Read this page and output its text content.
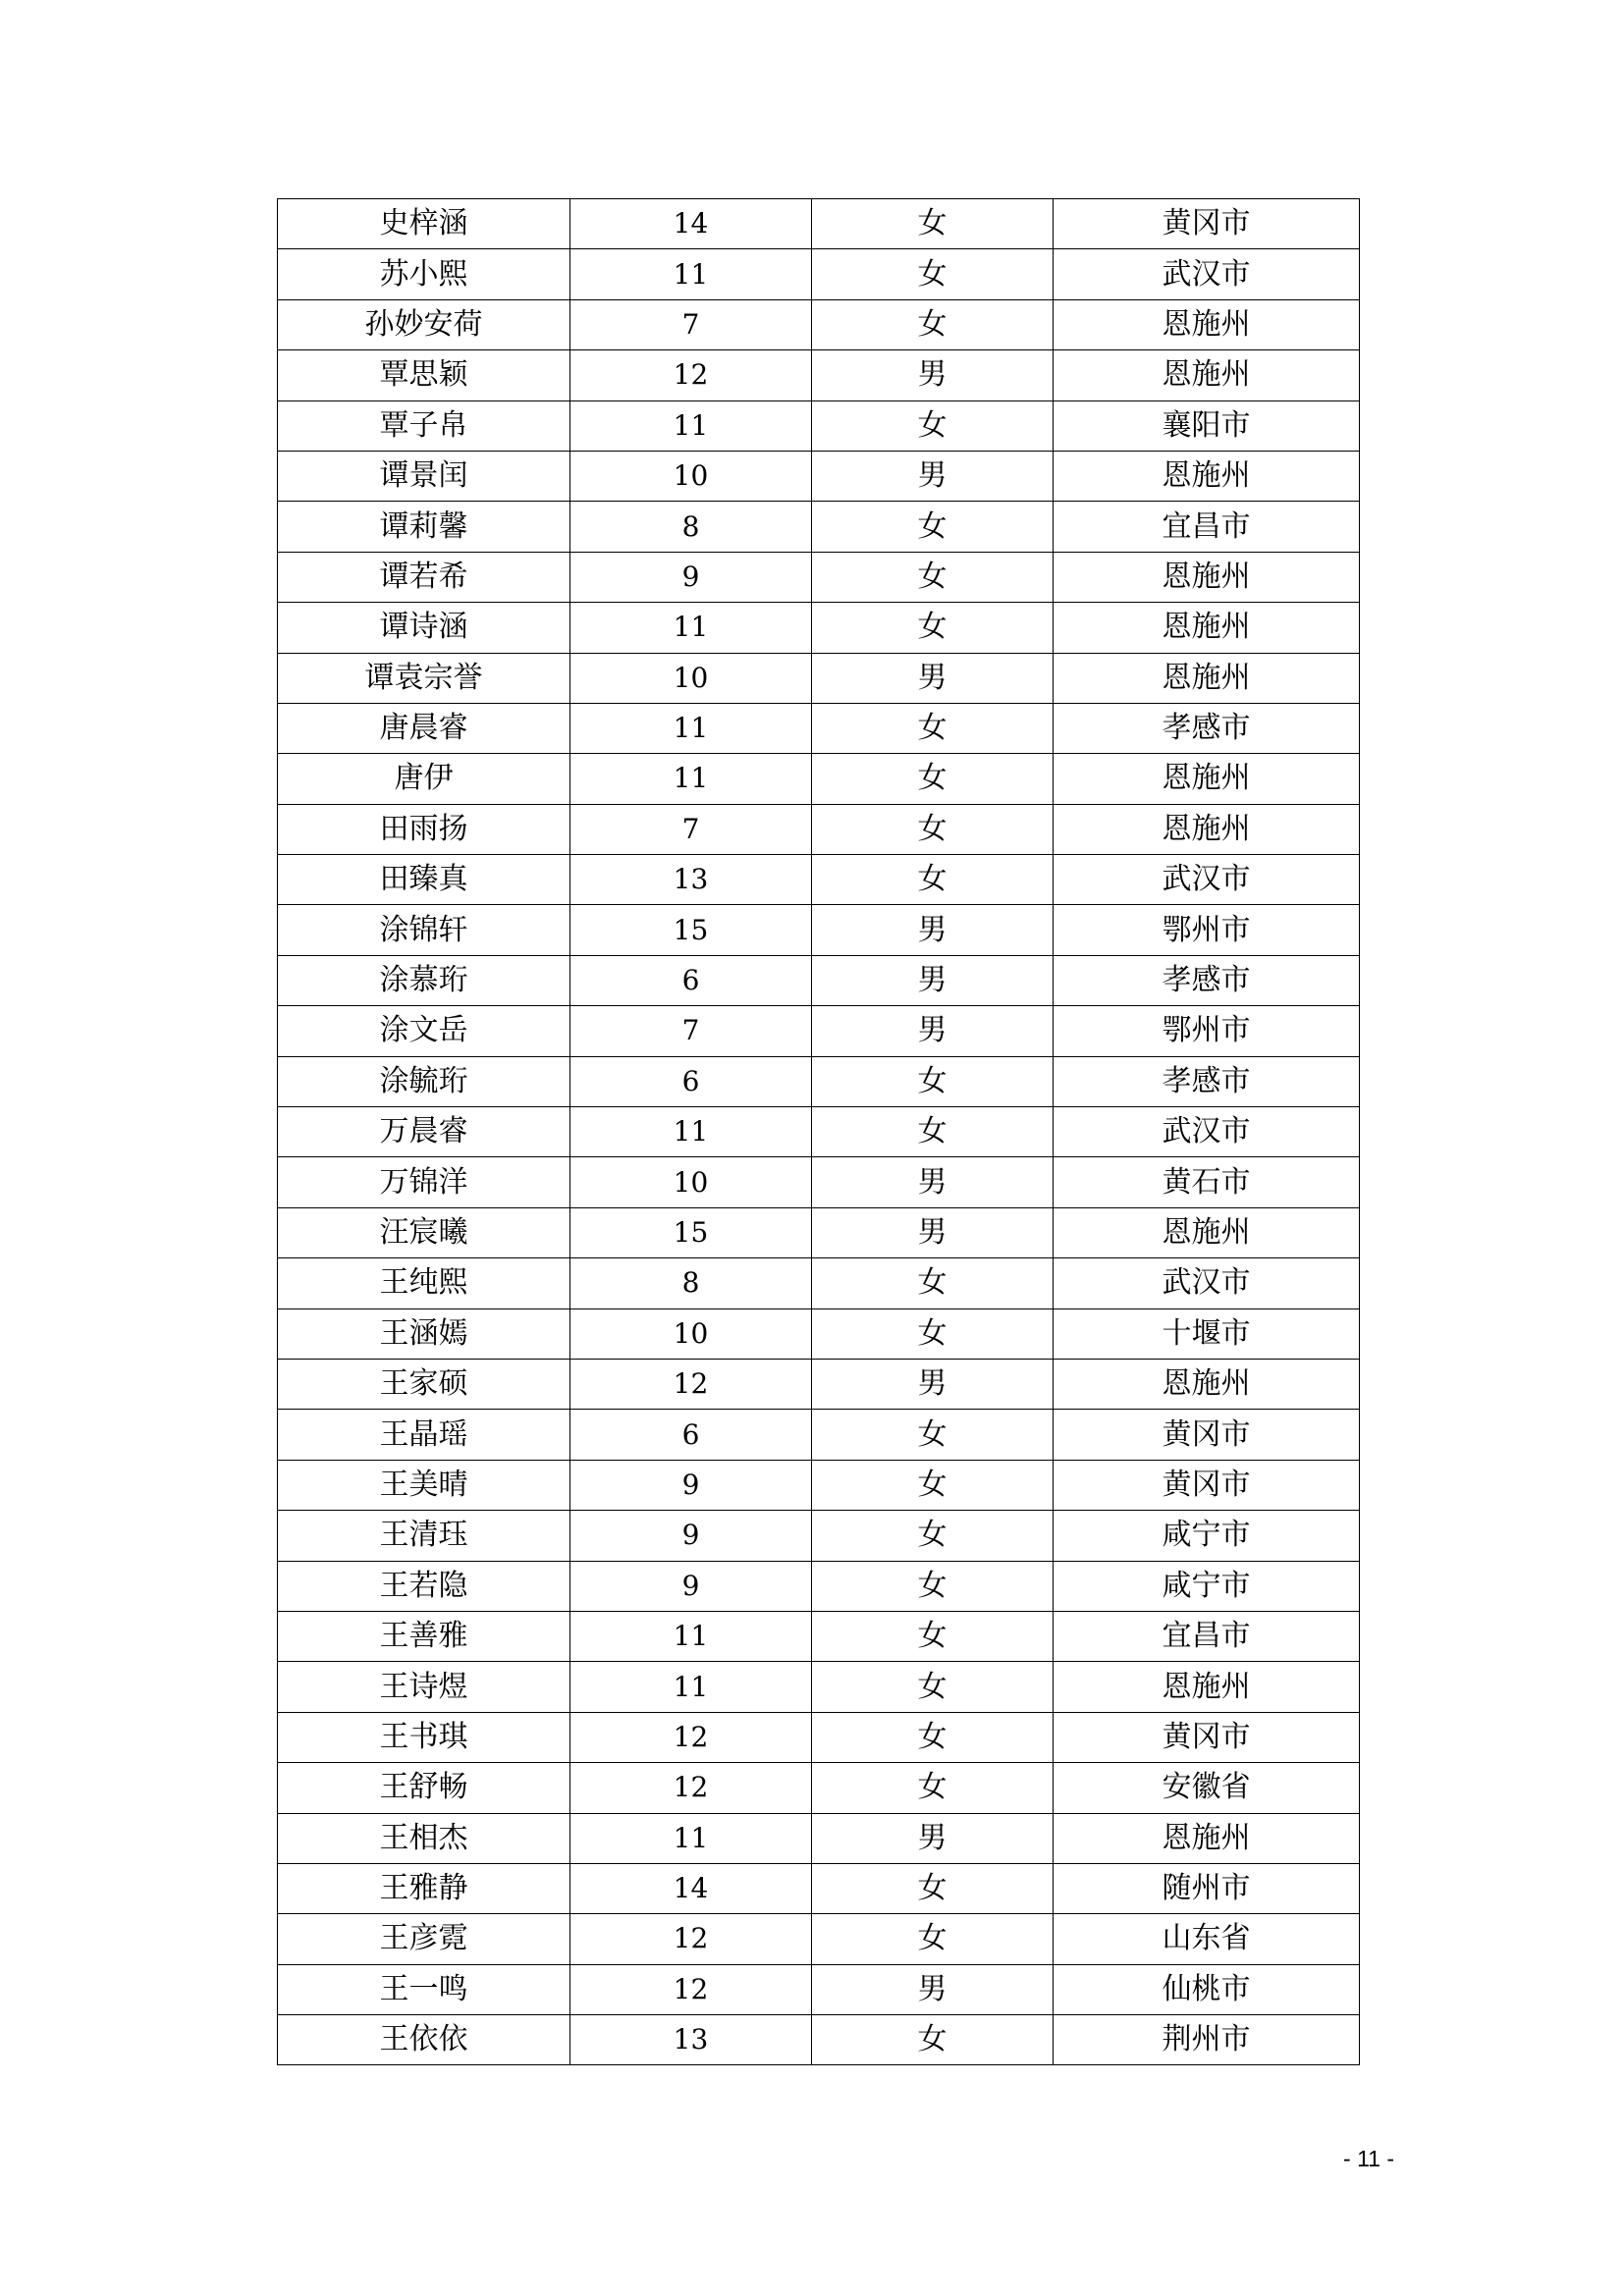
史梓涵	14	女	黄冈市
苏小熙	11	女	武汉市
孙妙安荷	7	女	恩施州
覃思颖	12	男	恩施州
覃子帛	11	女	襄阳市
谭景闰	10	男	恩施州
谭莉馨	8	女	宜昌市
谭若希	9	女	恩施州
谭诗涵	11	女	恩施州
谭袁宗誉	10	男	恩施州
唐晨睿	11	女	孝感市
唐伊	11	女	恩施州
田雨扬	7	女	恩施州
田臻真	13	女	武汉市
涂锦轩	15	男	鄂州市
涂慕珩	6	男	孝感市
涂文岳	7	男	鄂州市
涂毓珩	6	女	孝感市
万晨睿	11	女	武汉市
万锦洋	10	男	黄石市
汪宸曦	15	男	恩施州
王纯熙	8	女	武汉市
王涵嫣	10	女	十堰市
王家硕	12	男	恩施州
王晶瑶	6	女	黄冈市
王美晴	9	女	黄冈市
王清珏	9	女	咸宁市
王若隐	9	女	咸宁市
王善雅	11	女	宜昌市
王诗煜	11	女	恩施州
王书琪	12	女	黄冈市
王舒畅	12	女	安徽省
王相杰	11	男	恩施州
王雅静	14	女	随州市
王彦霓	12	女	山东省
王一鸣	12	男	仙桃市
王依依	13	女	荆州市
- 11 -
